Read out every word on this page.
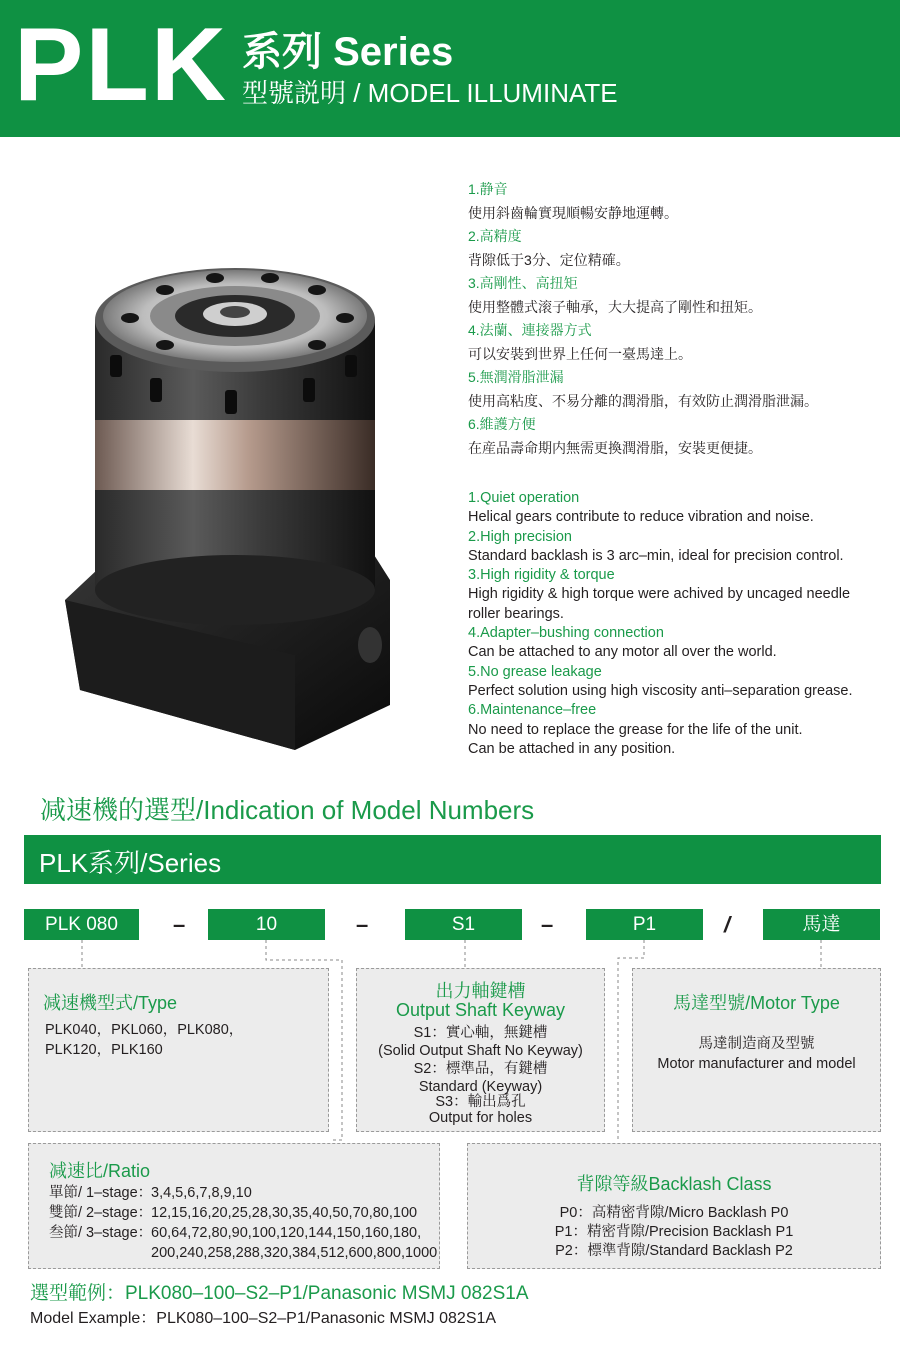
PLK 系列 Series
型號説明 / MODEL ILLUMINATE
1.静音
使用斜齒輪實現順暢安静地運轉。
2.高精度
背隙低于3分、定位精確。
3.高剛性、高扭矩
使用整體式滚子軸承，大大提高了剛性和扭矩。
4.法蘭、連接器方式
可以安裝到世界上任何一臺馬達上。
5.無潤滑脂泄漏
使用高粘度、不易分離的潤滑脂，有效防止潤滑脂泄漏。
6.維護方便
在産品壽命期内無需更換潤滑脂，安裝更便捷。
1.Quiet operation
Helical gears contribute to reduce vibration and noise.
2.High precision
Standard backlash is 3 arc–min, ideal for precision control.
3.High rigidity & torque
High rigidity & high torque were achived by uncaged needle
roller bearings.
4.Adapter–bushing connection
Can be attached to any motor all over the world.
5.No grease leakage
Perfect solution using high viscosity anti–separation grease.
6.Maintenance–free
No need to replace the grease for the life of the unit.
Can be attached in any position.
减速機的選型/Indication of Model Numbers
PLK系列/Series
PLK 080	–	10	–	S1	–	P1	/	馬達
减速機型式/Type
PLK040，PKL060，PLK080，
PLK120，PLK160
出力軸鍵槽
Output Shaft Keyway
S1：實心軸，無鍵槽
(Solid Output Shaft No Keyway)
S2：標準品，有鍵槽
Standard (Keyway)
S3：輸出爲孔
Output for holes
馬達型號/Motor Type
馬達制造商及型號
Motor manufacturer and model
减速比/Ratio
單節/ 1–stage：
3,4,5,6,7,8,9,10
雙節/ 2–stage：
12,15,16,20,25,28,30,35,40,50,70,80,100
叁節/ 3–stage：
60,64,72,80,90,100,120,144,150,160,180,
200,240,258,288,320,384,512,600,800,1000
背隙等級Backlash Class
P0：高精密背隙/Micro Backlash P0
P1：精密背隙/Precision Backlash P1
P2：標準背隙/Standard Backlash P2
選型範例：PLK080–100–S2–P1/Panasonic MSMJ 082S1A
Model Example：PLK080–100–S2–P1/Panasonic MSMJ 082S1A
